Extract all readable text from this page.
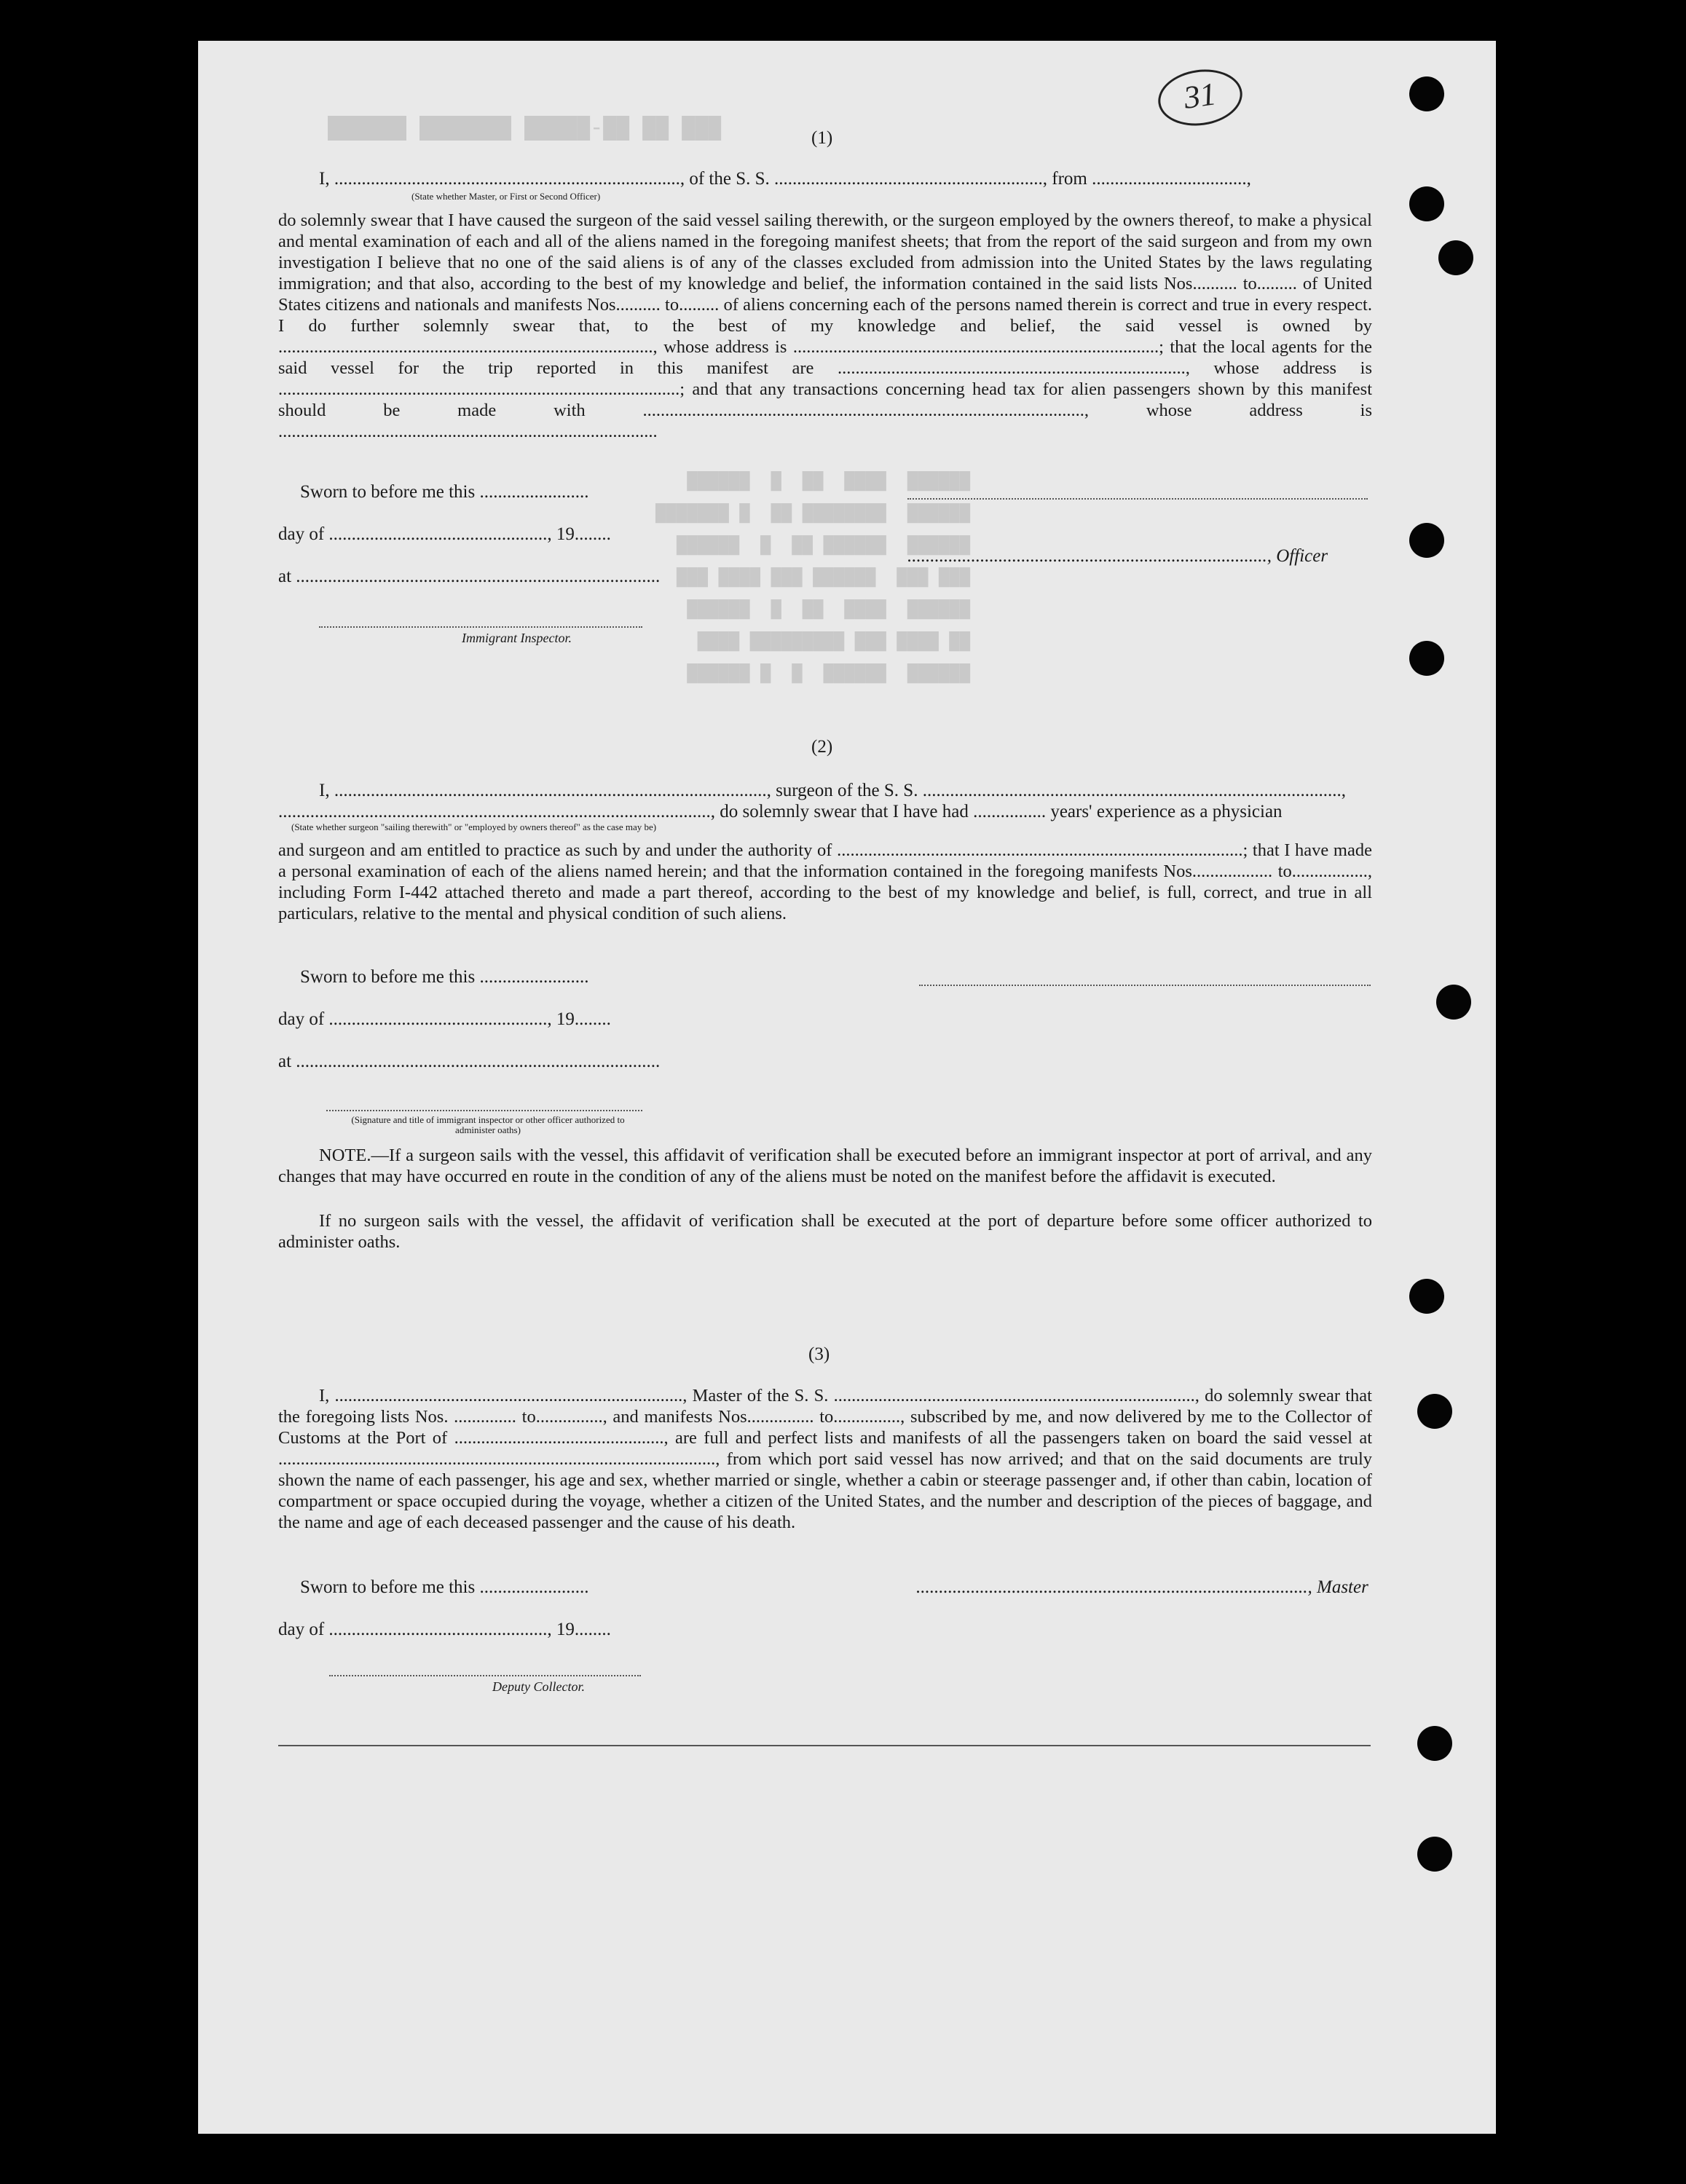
31
███ ██ ██-█████ ███████ ██████
██████  ████  ██  █  ██████
██████  ████████ ██  █ ███████
██████  ██████ ██  █  ██████
███ ███  ██████ ███ ████ ███
██████  ████  ██  █  ██████
██ ████ ███ █████████ ████
██████  ██████  █  █ ██████
(1)
I, ............................................................................, of the S. S. ..........................................................., from ..................................,
(State whether Master, or First or Second Officer)
do solemnly swear that I have caused the surgeon of the said vessel sailing therewith, or the surgeon employed by the owners thereof, to make a physical and mental examination of each and all of the aliens named in the foregoing manifest sheets; that from the report of the said surgeon and from my own investigation I believe that no one of the said aliens is of any of the classes excluded from admission into the United States by the laws regulating immigration; and that also, according to the best of my knowledge and belief, the information contained in the said lists Nos.......... to......... of United States citizens and nationals and manifests Nos.......... to......... of aliens concerning each of the persons named therein is correct and true in every respect. I do further solemnly swear that, to the best of my knowledge and belief, the said vessel is owned by ...................................................................................., whose address is ..................................................................................; that the local agents for the said vessel for the trip reported in this manifest are .............................................................................., whose address is ..........................................................................................; and that any transactions concerning head tax for alien passengers shown by this manifest should be made with ..................................................................................................., whose address is .....................................................................................
Sworn to before me this ........................
day of ................................................, 19........
at ................................................................................
..............................................................................., Officer
Immigrant Inspector.
(2)
I, ..............................................................................................., surgeon of the S. S. ............................................................................................,
..............................................................................................., do solemnly swear that I have had ................ years' experience as a physician
(State whether surgeon "sailing therewith" or "employed by owners thereof" as the case may be)
and surgeon and am entitled to practice as such by and under the authority of ...........................................................................................; that I have made a personal examination of each of the aliens named herein; and that the information contained in the foregoing manifests Nos.................. to................., including Form I-442 attached thereto and made a part thereof, according to the best of my knowledge and belief, is full, correct, and true in all particulars, relative to the mental and physical condition of such aliens.
Sworn to before me this ........................
day of ................................................, 19........
at ................................................................................
(Signature and title of immigrant inspector or other officer authorized to administer oaths)
NOTE.—If a surgeon sails with the vessel, this affidavit of verification shall be executed before an immigrant inspector at port of arrival, and any changes that may have occurred en route in the condition of any of the aliens must be noted on the manifest before the affidavit is executed.
If no surgeon sails with the vessel, the affidavit of verification shall be executed at the port of departure before some officer authorized to administer oaths.
(3)
I, .............................................................................., Master of the S. S. ................................................................................., do solemnly swear that the foregoing lists Nos. .............. to..............., and manifests Nos............... to..............., subscribed by me, and now delivered by me to the Collector of Customs at the Port of ..............................................., are full and perfect lists and manifests of all the passengers taken on board the said vessel at .................................................................................................., from which port said vessel has now arrived; and that on the said documents are truly shown the name of each passenger, his age and sex, whether married or single, whether a cabin or steerage passenger and, if other than cabin, location of compartment or space occupied during the voyage, whether a citizen of the United States, and the number and description of the pieces of baggage, and the name and age of each deceased passenger and the cause of his death.
Sworn to before me this ........................	......................................................................................, Master
day of ................................................, 19........
Deputy Collector.
